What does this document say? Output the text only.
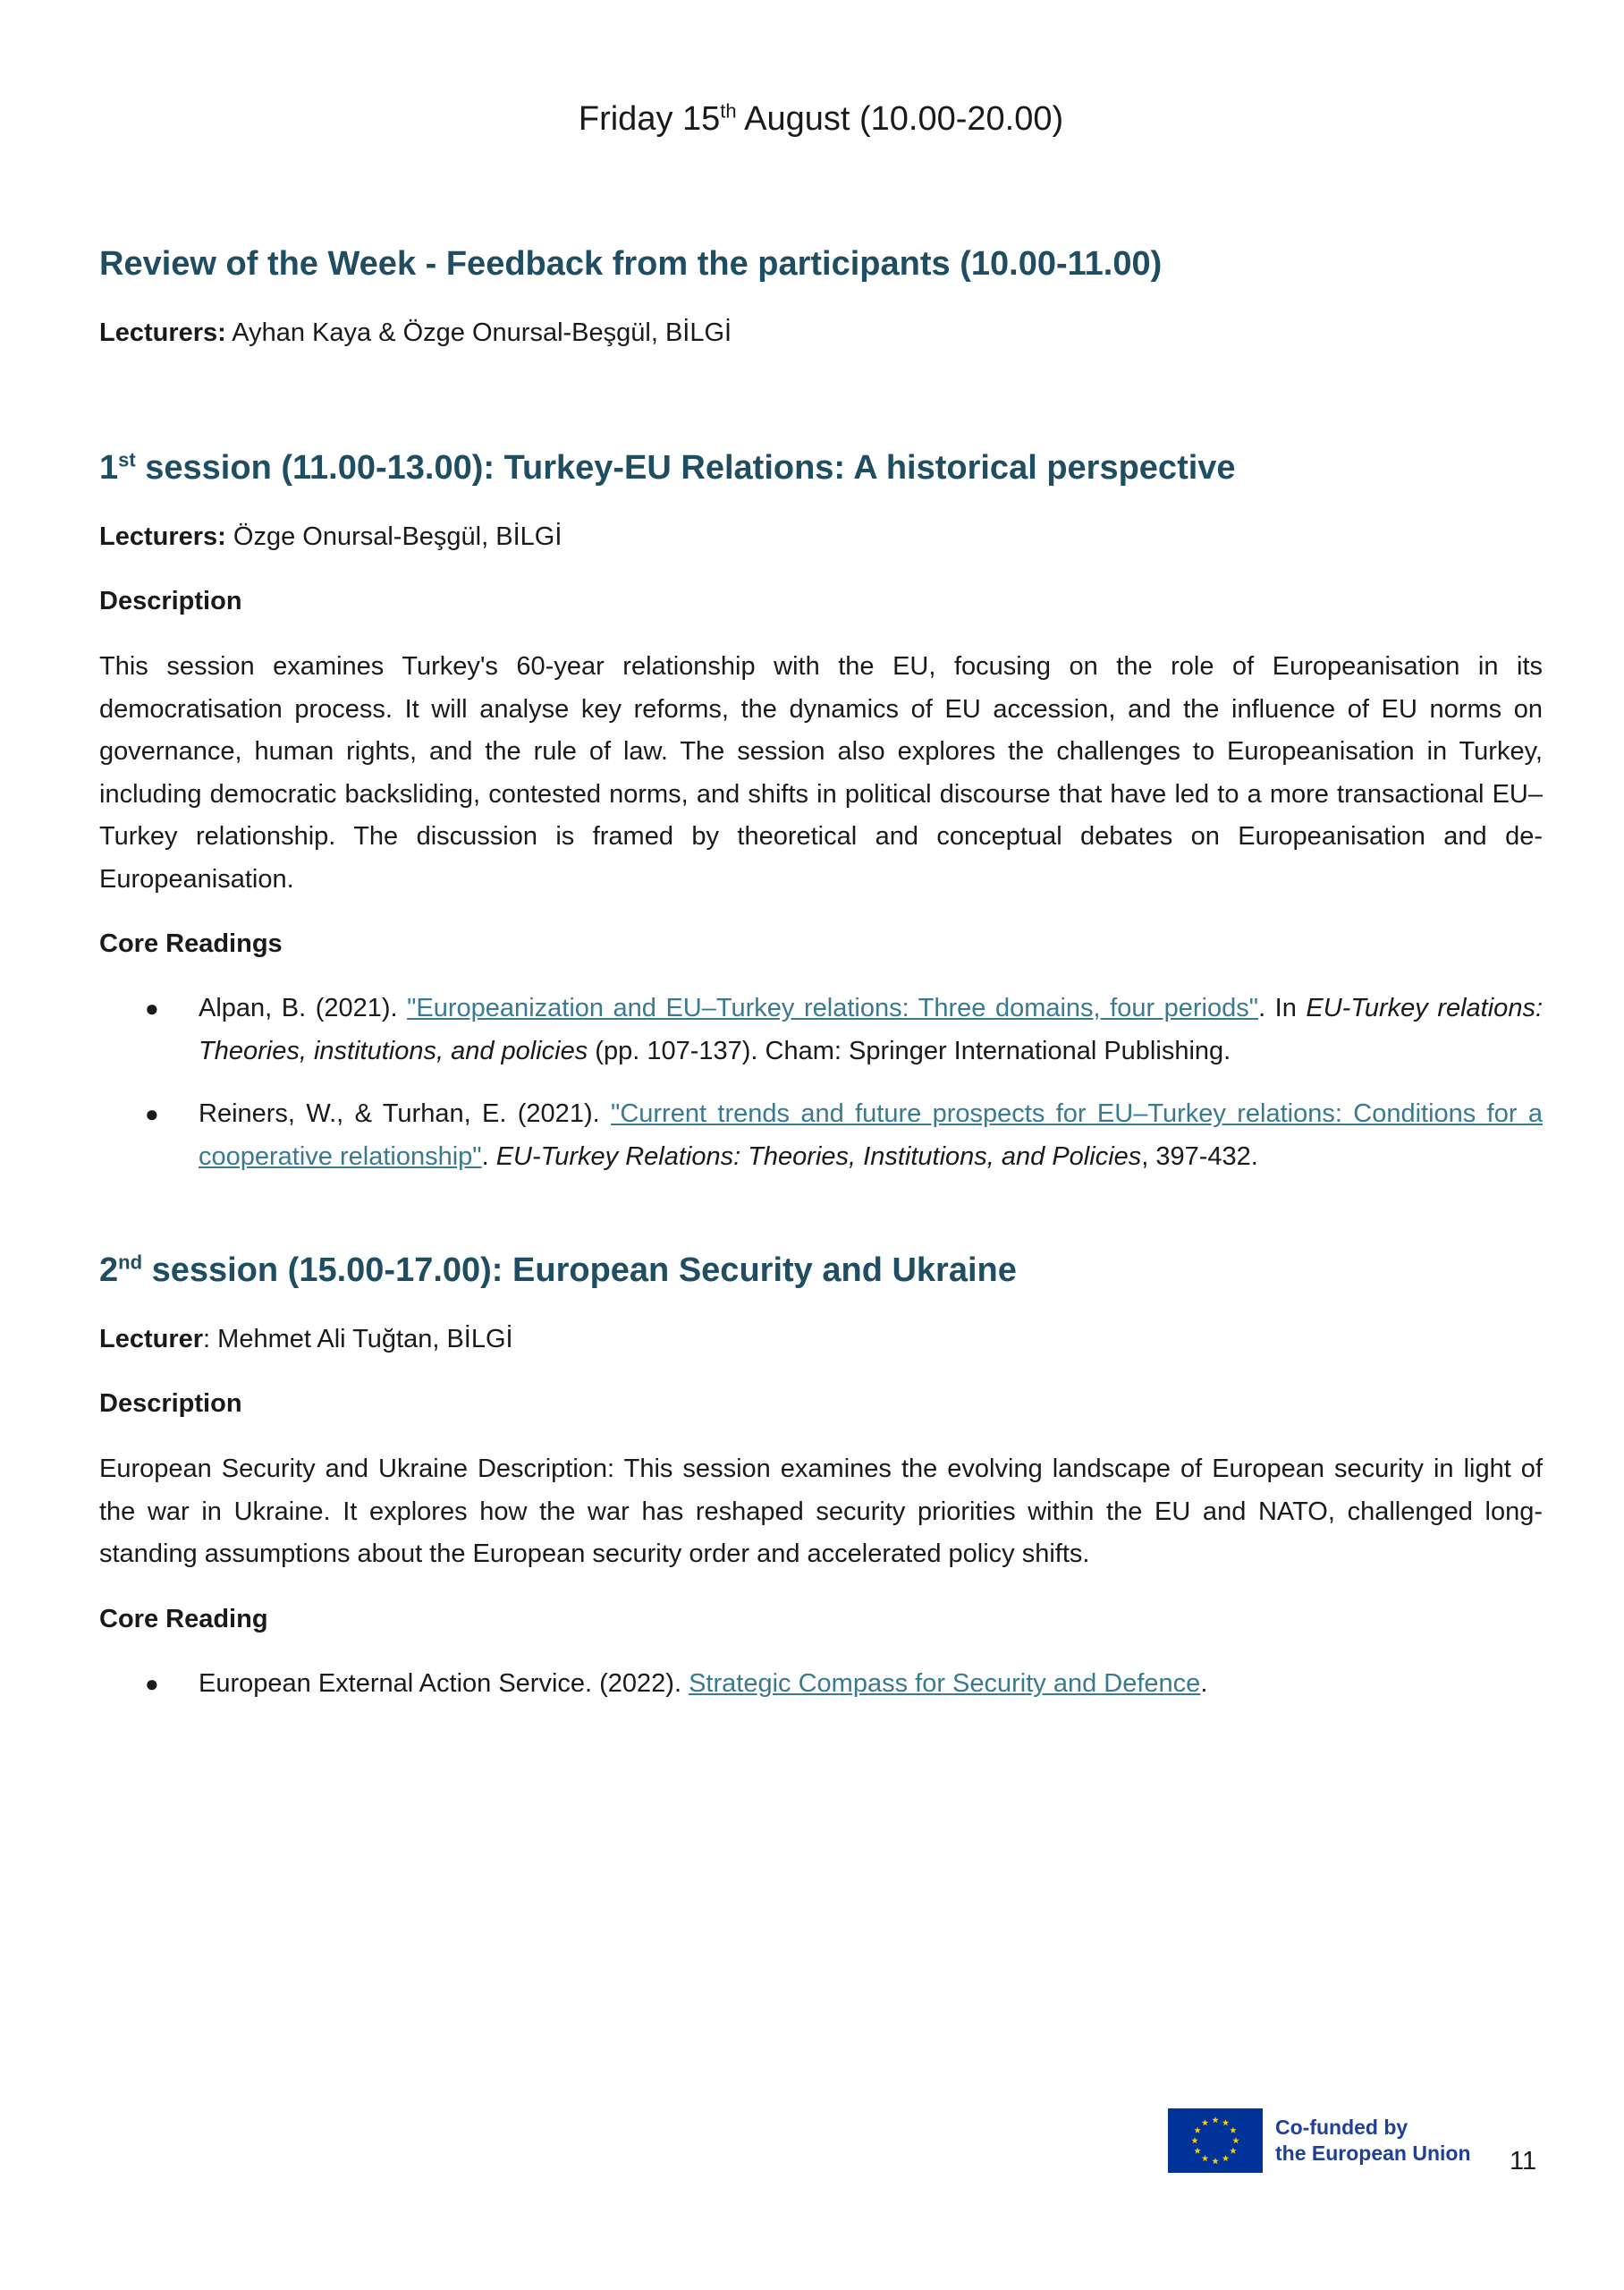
Friday 15th August (10.00-20.00)
Review of the Week - Feedback from the participants (10.00-11.00)
Lecturers: Ayhan Kaya & Özge Onursal-Beşgül, BİLGİ
1st session (11.00-13.00): Turkey-EU Relations: A historical perspective
Lecturers: Özge Onursal-Beşgül, BİLGİ
Description
This session examines Turkey's 60-year relationship with the EU, focusing on the role of Europeanisation in its democratisation process. It will analyse key reforms, the dynamics of EU accession, and the influence of EU norms on governance, human rights, and the rule of law. The session also explores the challenges to Europeanisation in Turkey, including democratic backsliding, contested norms, and shifts in political discourse that have led to a more transactional EU–Turkey relationship. The discussion is framed by theoretical and conceptual debates on Europeanisation and de-Europeanisation.
Core Readings
● Alpan, B. (2021). "Europeanization and EU–Turkey relations: Three domains, four periods". In EU-Turkey relations: Theories, institutions, and policies (pp. 107-137). Cham: Springer International Publishing.
● Reiners, W., & Turhan, E. (2021). "Current trends and future prospects for EU–Turkey relations: Conditions for a cooperative relationship". EU-Turkey Relations: Theories, Institutions, and Policies, 397-432.
2nd session (15.00-17.00): European Security and Ukraine
Lecturer: Mehmet Ali Tuğtan, BİLGİ
Description
European Security and Ukraine Description: This session examines the evolving landscape of European security in light of the war in Ukraine. It explores how the war has reshaped security priorities within the EU and NATO, challenged long-standing assumptions about the European security order and accelerated policy shifts.
Core Reading
● European External Action Service. (2022). Strategic Compass for Security and Defence.
Co-funded by
the European Union 11
